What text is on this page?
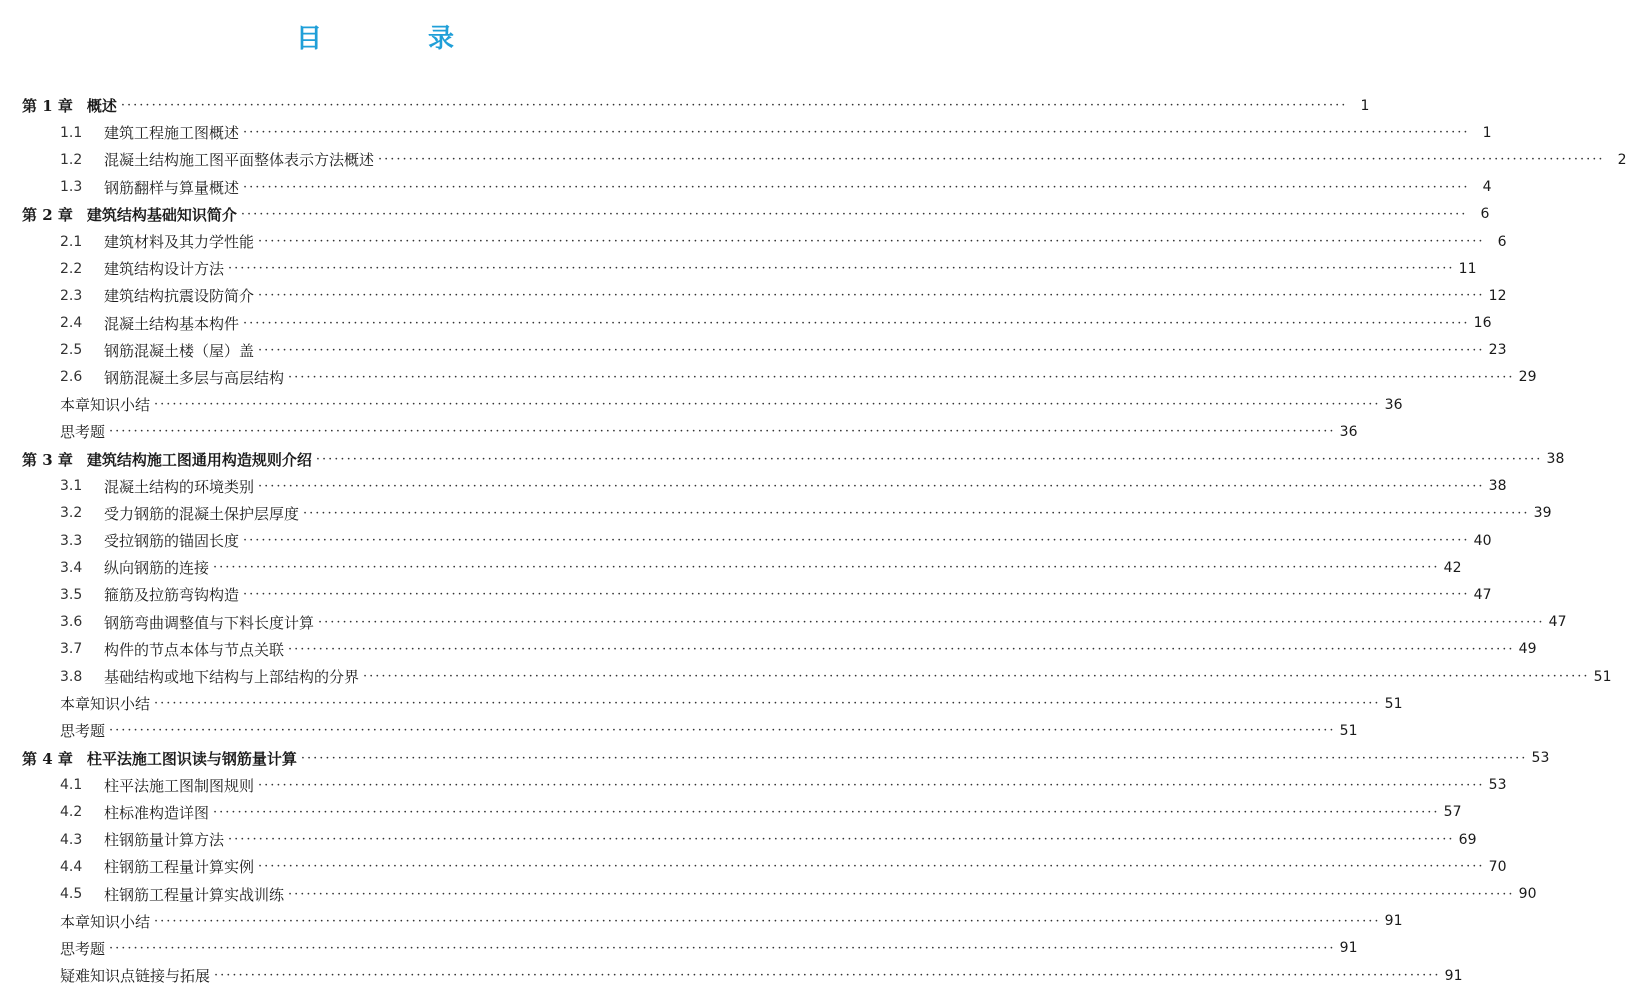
目　录
第 1 章 概述 ········································································································································································································ 1
1.1	建筑工程施工图概述 ········································································································································································································ 1
1.2	混凝土结构施工图平面整体表示方法概述 ········································································································································································································ 2
1.3	钢筋翻样与算量概述 ········································································································································································································ 4
第 2 章 建筑结构基础知识简介 ········································································································································································································ 6
2.1	建筑材料及其力学性能 ········································································································································································································ 6
2.2	建筑结构设计方法 ········································································································································································································ 11
2.3	建筑结构抗震设防简介 ········································································································································································································ 12
2.4	混凝土结构基本构件 ········································································································································································································ 16
2.5	钢筋混凝土楼（屋）盖 ········································································································································································································ 23
2.6	钢筋混凝土多层与高层结构 ········································································································································································································ 29
本章知识小结 ········································································································································································································ 36
思考题 ········································································································································································································ 36
第 3 章 建筑结构施工图通用构造规则介绍 ········································································································································································································ 38
3.1	混凝土结构的环境类别 ········································································································································································································ 38
3.2	受力钢筋的混凝土保护层厚度 ········································································································································································································ 39
3.3	受拉钢筋的锚固长度 ········································································································································································································ 40
3.4	纵向钢筋的连接 ········································································································································································································ 42
3.5	箍筋及拉筋弯钩构造 ········································································································································································································ 47
3.6	钢筋弯曲调整值与下料长度计算 ········································································································································································································ 47
3.7	构件的节点本体与节点关联 ········································································································································································································ 49
3.8	基础结构或地下结构与上部结构的分界 ········································································································································································································ 51
本章知识小结 ········································································································································································································ 51
思考题 ········································································································································································································ 51
第 4 章 柱平法施工图识读与钢筋量计算 ········································································································································································································ 53
4.1	柱平法施工图制图规则 ········································································································································································································ 53
4.2	柱标准构造详图 ········································································································································································································ 57
4.3	柱钢筋量计算方法 ········································································································································································································ 69
4.4	柱钢筋工程量计算实例 ········································································································································································································ 70
4.5	柱钢筋工程量计算实战训练 ········································································································································································································ 90
本章知识小结 ········································································································································································································ 91
思考题 ········································································································································································································ 91
疑难知识点链接与拓展 ········································································································································································································ 91
